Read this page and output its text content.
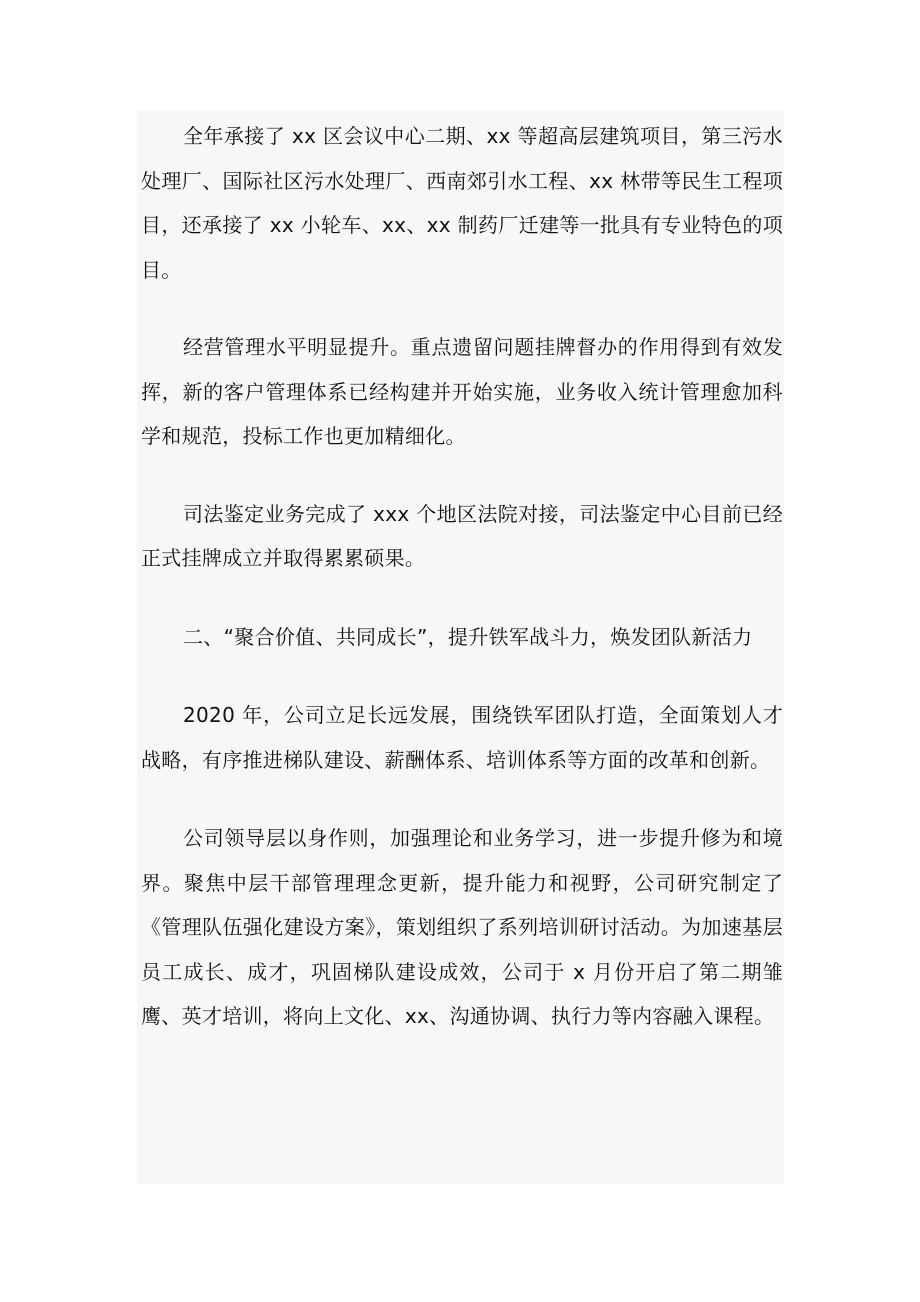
全年承接了 xx 区会议中心二期、xx 等超高层建筑项目，第三污水处理厂、国际社区污水处理厂、西南郊引水工程、xx 林带等民生工程项目，还承接了 xx 小轮车、xx、xx 制药厂迁建等一批具有专业特色的项目。

经营管理水平明显提升。重点遗留问题挂牌督办的作用得到有效发挥，新的客户管理体系已经构建并开始实施，业务收入统计管理愈加科学和规范，投标工作也更加精细化。

司法鉴定业务完成了 xxx 个地区法院对接，司法鉴定中心目前已经正式挂牌成立并取得累累硕果。

二、“聚合价值、共同成长”，提升铁军战斗力，焕发团队新活力

2020 年，公司立足长远发展，围绕铁军团队打造，全面策划人才战略，有序推进梯队建设、薪酬体系、培训体系等方面的改革和创新。

公司领导层以身作则，加强理论和业务学习，进一步提升修为和境界。聚焦中层干部管理理念更新，提升能力和视野，公司研究制定了《管理队伍强化建设方案》，策划组织了系列培训研讨活动。为加速基层员工成长、成才，巩固梯队建设成效，公司于 x 月份开启了第二期雏鹰、英才培训，将向上文化、xx、沟通协调、执行力等内容融入课程。
